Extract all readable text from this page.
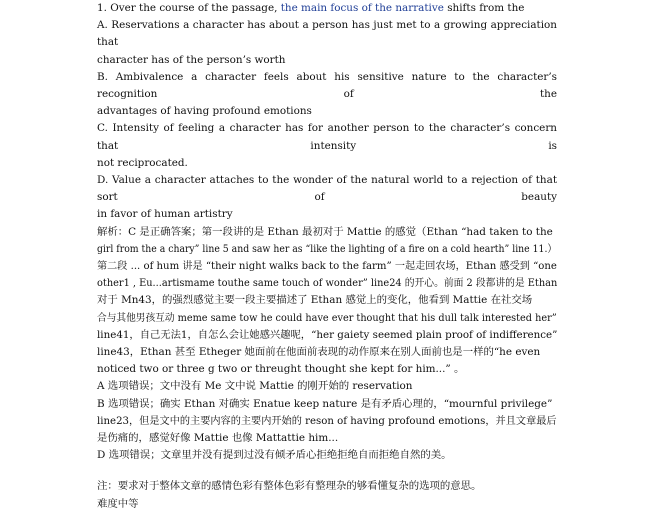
1. Over the course of the passage, the main focus of the narrative shifts from the
A. Reservations a character has about a person has just met to a growing appreciation that
character has of the person’s worth
B. Ambivalence a character feels about his sensitive nature to the character’s recognition of the
advantages of having profound emotions
C. Intensity of feeling a character has for another person to the character’s concern that intensity is
not reciprocated.
D. Value a character attaches to the wonder of the natural world to a rejection of that sort of beauty
in favor of human artistry
解析：C 是正确答案；第一段讲的是 Ethan 最初对于 Mattie 的感觉（Ethan “had taken to the
girl from the a chary” line 5 and saw her as “like the lighting of a fire on a cold hearth” line 11.）
第二段 ... of hum 讲是 “their night walks back to the farm” 一起走回农场，Ethan 感受到 “one
other1 , Eu...artismame touthe same touch of wonder” line24 的开心。前面 2 段都讲的是 Ethan
对于 Mn43，的强烈感觉主要一段主要描述了 Ethan 感觉上的变化，他看到 Mattie 在社交场
合与其他男孩互动 meme same tow he could have ever thought that his dull talk interested her”
line41，自己无法1，自怎么会让她感兴趣呢，“her gaiety seemed plain proof of indifference”
line43，Ethan 甚至 Etheger 她面前在他面前表现的动作原来在别人面前也是一样的“he even
noticed two or three g two or threught thought she kept for him...” 。
A 选项错误；文中没有 Me 文中说 Mattie 的刚开始的 reservation
B 选项错误；确实 Ethan 对确实 Enatue keep nature 是有矛盾心理的，“mournful privilege”
line23，但是文中的主要内容的主要内开始的 reson of having profound emotions，并且文章最后
是伤痛的，感觉好像 Mattie 也像 Mattattie him...
D 选项错误；文章里并没有提到过没有倾矛盾心拒绝拒绝自而拒绝自然的美。
注：要求对于整体文章的感情色彩有整体色彩有整理杂的够看懂复杂的选项的意思。
难度中等
